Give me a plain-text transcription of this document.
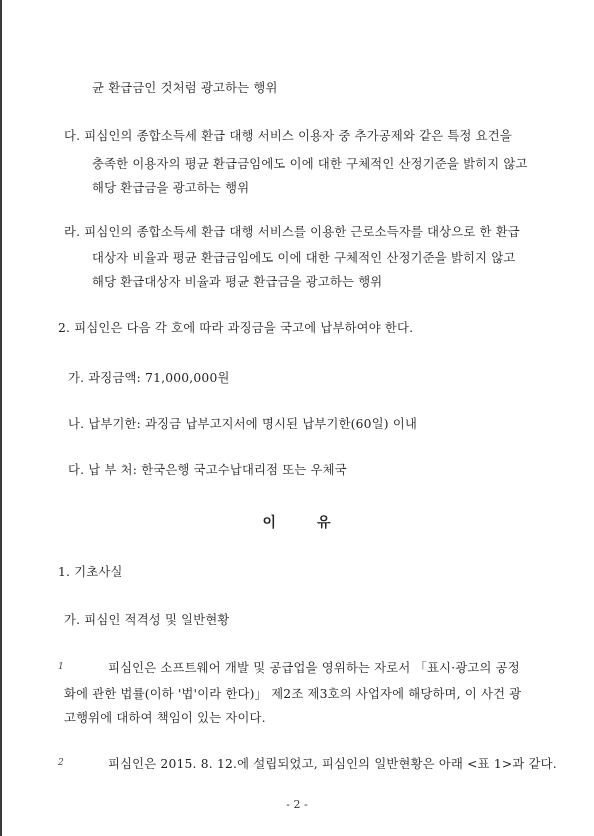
균 환급금인 것처럼 광고하는 행위
다. 피심인의 종합소득세 환급 대행 서비스 이용자 중 추가공제와 같은 특정 요건을
충족한 이용자의 평균 환급금임에도 이에 대한 구체적인 산정기준을 밝히지 않고
해당 환급금을 광고하는 행위
라. 피심인의 종합소득세 환급 대행 서비스를 이용한 근로소득자를 대상으로 한 환급
대상자 비율과 평균 환급금임에도 이에 대한 구체적인 산정기준을 밝히지 않고
해당 환급대상자 비율과 평균 환급금을 광고하는 행위
2. 피심인은 다음 각 호에 따라 과징금을 국고에 납부하여야 한다.
가. 과징금액: 71,000,000원
나. 납부기한: 과징금 납부고지서에 명시된 납부기한(60일) 이내
다. 납 부 처: 한국은행 국고수납대리점 또는 우체국
이	유
1. 기초사실
가. 피심인 적격성 및 일반현황
1	피심인은 소프트웨어 개발 및 공급업을 영위하는 자로서 「표시·광고의 공정
화에 관한 법률(이하 '법'이라 한다)」 제2조 제3호의 사업자에 해당하며, 이 사건 광
고행위에 대하여 책임이 있는 자이다.
2	피심인은 2015. 8. 12.에 설립되었고, 피심인의 일반현황은 아래 <표 1>과 같다.
- 2 -
